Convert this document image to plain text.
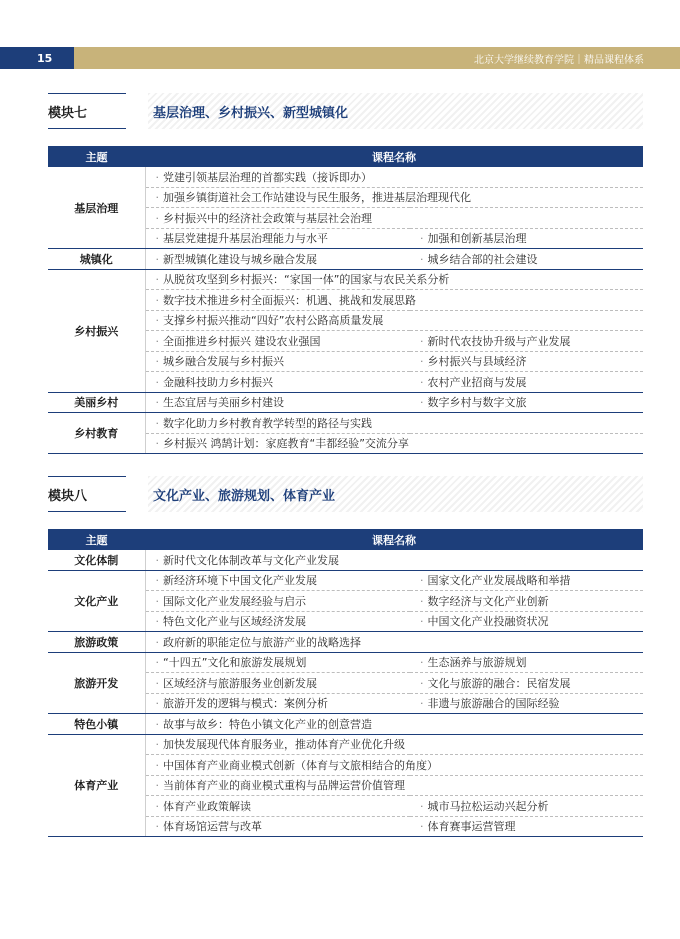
15	北京大学继续教育学院｜精品课程体系
模块七	基层治理、乡村振兴、新型城镇化
主题	课程名称	
基层治理	· 党建引领基层治理的首都实践（接诉即办）	
	· 加强乡镇街道社会工作站建设与民生服务，推进基层治理现代化	
	· 乡村振兴中的经济社会政策与基层社会治理	
	· 基层党建提升基层治理能力与水平	· 加强和创新基层治理
城镇化	· 新型城镇化建设与城乡融合发展	· 城乡结合部的社会建设
乡村振兴	· 从脱贫攻坚到乡村振兴：“家国一体”的国家与农民关系分析	
	· 数字技术推进乡村全面振兴：机遇、挑战和发展思路	
	· 支撑乡村振兴推动“四好”农村公路高质量发展	
	· 全面推进乡村振兴 建设农业强国	· 新时代农技协升级与产业发展
	· 城乡融合发展与乡村振兴	· 乡村振兴与县域经济
	· 金融科技助力乡村振兴	· 农村产业招商与发展
美丽乡村	· 生态宜居与美丽乡村建设	· 数字乡村与数字文旅
乡村教育	· 数字化助力乡村教育教学转型的路径与实践	
	· 乡村振兴 鸿鹄计划：家庭教育“丰都经验”交流分享	
模块八	文化产业、旅游规划、体育产业
主题	课程名称	
文化体制	· 新时代文化体制改革与文化产业发展	
文化产业	· 新经济环境下中国文化产业发展	· 国家文化产业发展战略和举措
	· 国际文化产业发展经验与启示	· 数字经济与文化产业创新
	· 特色文化产业与区域经济发展	· 中国文化产业投融资状况
旅游政策	· 政府新的职能定位与旅游产业的战略选择	
旅游开发	· “十四五”文化和旅游发展规划	· 生态涵养与旅游规划
	· 区域经济与旅游服务业创新发展	· 文化与旅游的融合：民宿发展
	· 旅游开发的逻辑与模式：案例分析	· 非遗与旅游融合的国际经验
特色小镇	· 故事与故乡：特色小镇文化产业的创意营造	
体育产业	· 加快发展现代体育服务业，推动体育产业优化升级	
	· 中国体育产业商业模式创新（体育与文旅相结合的角度）	
	· 当前体育产业的商业模式重构与品牌运营价值管理	
	· 体育产业政策解读	· 城市马拉松运动兴起分析
	· 体育场馆运营与改革	· 体育赛事运营管理
